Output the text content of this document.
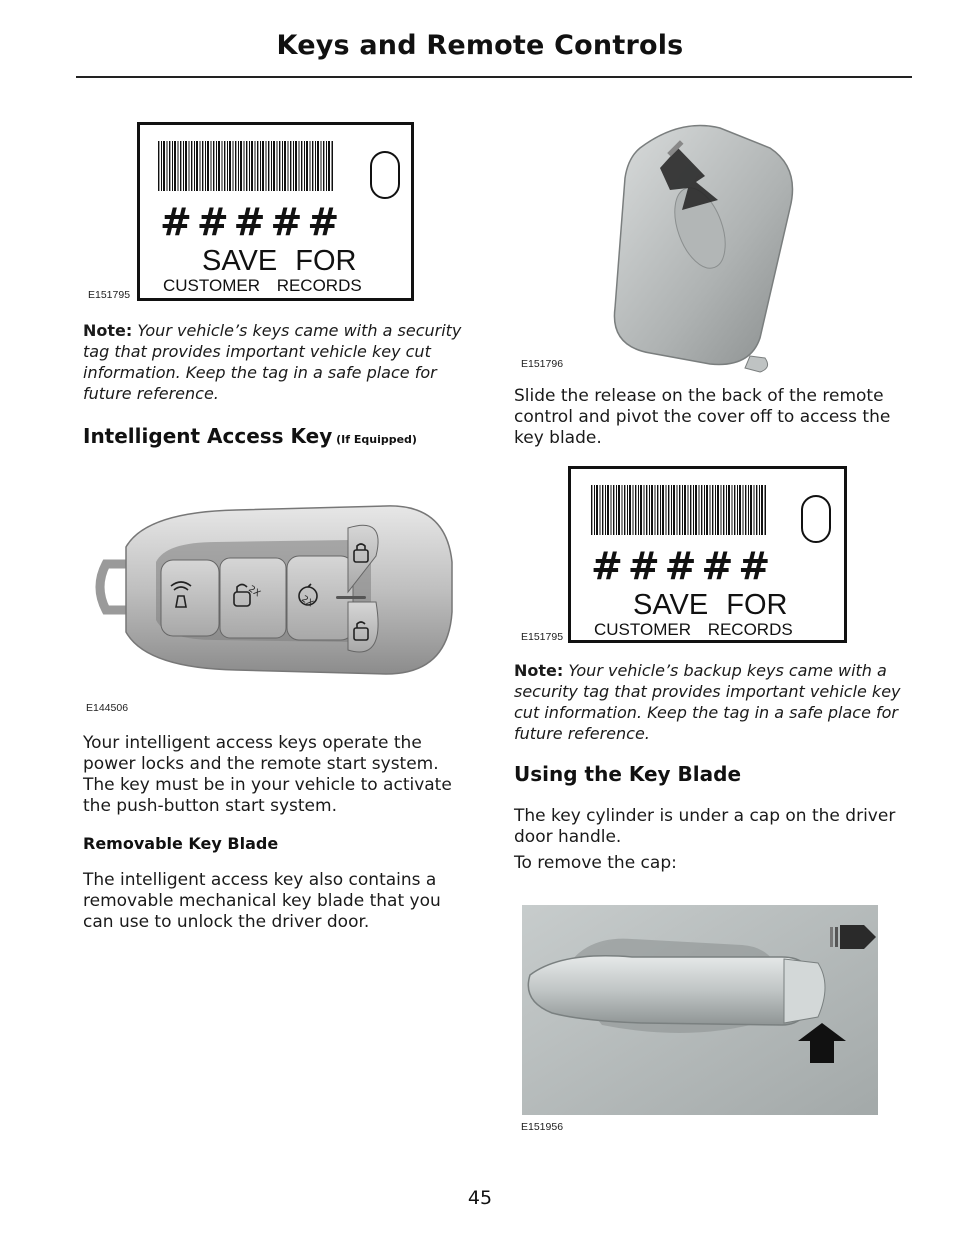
Keys and Remote Controls
E151795
#####
SAVE FOR
CUSTOMER RECORDS

Note: Your vehicle’s keys came with a security tag that provides important vehicle key cut information. Keep the tag in a safe place for future reference.

Intelligent Access Key (If Equipped)
2X
2X
E144506

Your intelligent access keys operate the power locks and the remote start system. The key must be in your vehicle to activate the push-button start system.

Removable Key Blade

The intelligent access key also contains a removable mechanical key blade that you can use to unlock the driver door.

E151796

Slide the release on the back of the remote control and pivot the cover off to access the key blade.

E151795
#####
SAVE FOR
CUSTOMER RECORDS

Note: Your vehicle’s backup keys came with a security tag that provides important vehicle key cut information. Keep the tag in a safe place for future reference.

Using the Key Blade

The key cylinder is under a cap on the driver door handle.

To remove the cap:

E151956
45
